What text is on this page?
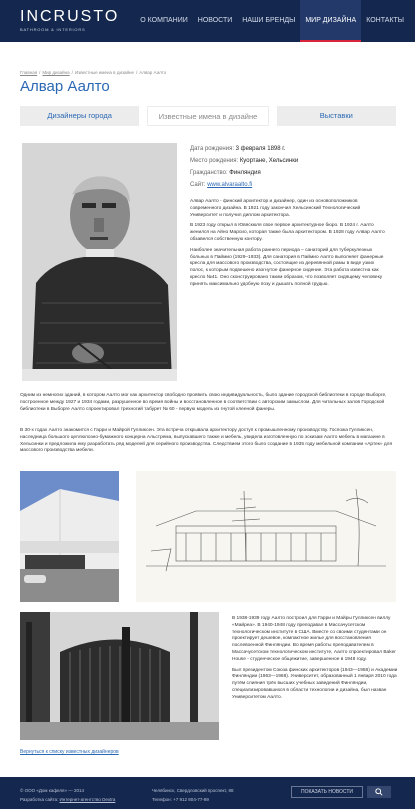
INCRUSTO
BATHROOM & INTERIORS
О КОМПАНИИ	НОВОСТИ	НАШИ БРЕНДЫ	МИР ДИЗАЙНА	КОНТАКТЫ
Главная / Мир дизайна / Известные имена в дизайне / Алвар Аалто
Алвар Аалто
Дизайнеры города	Известные имена в дизайне	Выставки
Дата рождения: 3 февраля 1898 г.
Место рождения: Куортане, Хельсинки
Гражданство: Финляндия
Сайт: www.alvaraalto.fi

Алвар Аалто - финский архитектор и дизайнер, один из основоположников современного дизайна. В 1921 году закончил Хельсинский Технологический Университет и получил диплом архитектора.

В 1923 году открыл в Ювяскюля свое первое архитектурное бюро. В 1924 г. Аалто женился на Айно Марсио, которая также была архитектором. В 1928 году Алвар Аалто обзавелся собственную контору.

Наиболее значительная работа раннего периода – санаторий для туберкулезных больных в Паймио (1929–1933). Для санатория в Паймио Аалто выполняет фанерные кресла для массового производства, состоящие из деревянной рамы в виде узких полос, к которым подвешено изогнутое фанерное сидение. Эта работа известна как кресло №41. Оно сконструировано таким образом, что позволяет сидящему человеку принять максимально удобную позу и дышать полной грудью.

Одним из немногих зданий, в котором Аалто мог как архитектор свободно проявить свою индивидуальность, было здание городской библиотеки в городе Выборге, построенное между 1927 и 1934 годами, разрушенное во время войны и восстановленное в соответствии с авторским замыслом. Для читальных залов Городской библиотеки в Выборге Аалто спроектировал трехногий табурет № 60 - первую модель из гнутой клееной фанеры.

В 30-х годах Аалто знакомится с Гарри и Майрой Гулликсен. Эта встреча открывала архитектору доступ к промышленному производству. Госпожа Гулликсен, наследница большого целлюлозно-бумажного концерна Альстрема, выпускавшего также и мебель, увидела изготовленную по эскизам Аалто мебель в магазине в Хельсинки и предложила ему разработать ряд моделей для серийного производства. Следствием этого было создание в 1935 году мебельной компании «Артек» для массового производства мебели.

В 1938-1939 году Аалто построил для Гарри и Майры Гулликсен виллу «Майреа». В 1940-1948 году преподавал в Массачусетском технологическом институте в США. Вместе со своими студентами он проектирует дешевое, компактное жилье для восстановления послевоенной Финляндии. Во время работы преподавателем в Массачусетском технологическом институте, Аалто спроектировал Baker House - студенческое общежитие, завершенное в 1948 году.

Был президентом Союза финских архитекторов (1943—1958) и Академии Финляндии (1963—1968). Университет, образованный 1 января 2010 года путём слияния трёх высших учебных заведений Финляндии, специализировавшихся в области технологии и дизайна, был назван Университетом Аалто.

Вернуться к списку известных дизайнеров
© ООО «Дом кафеля» — 2014
Разработка сайта: Интернет-агентство Dextra
Челябинск, Свердловский проспект, 88
Телефон: +7 912 804-77-89
ПОКАЗАТЬ НОВОСТИ
